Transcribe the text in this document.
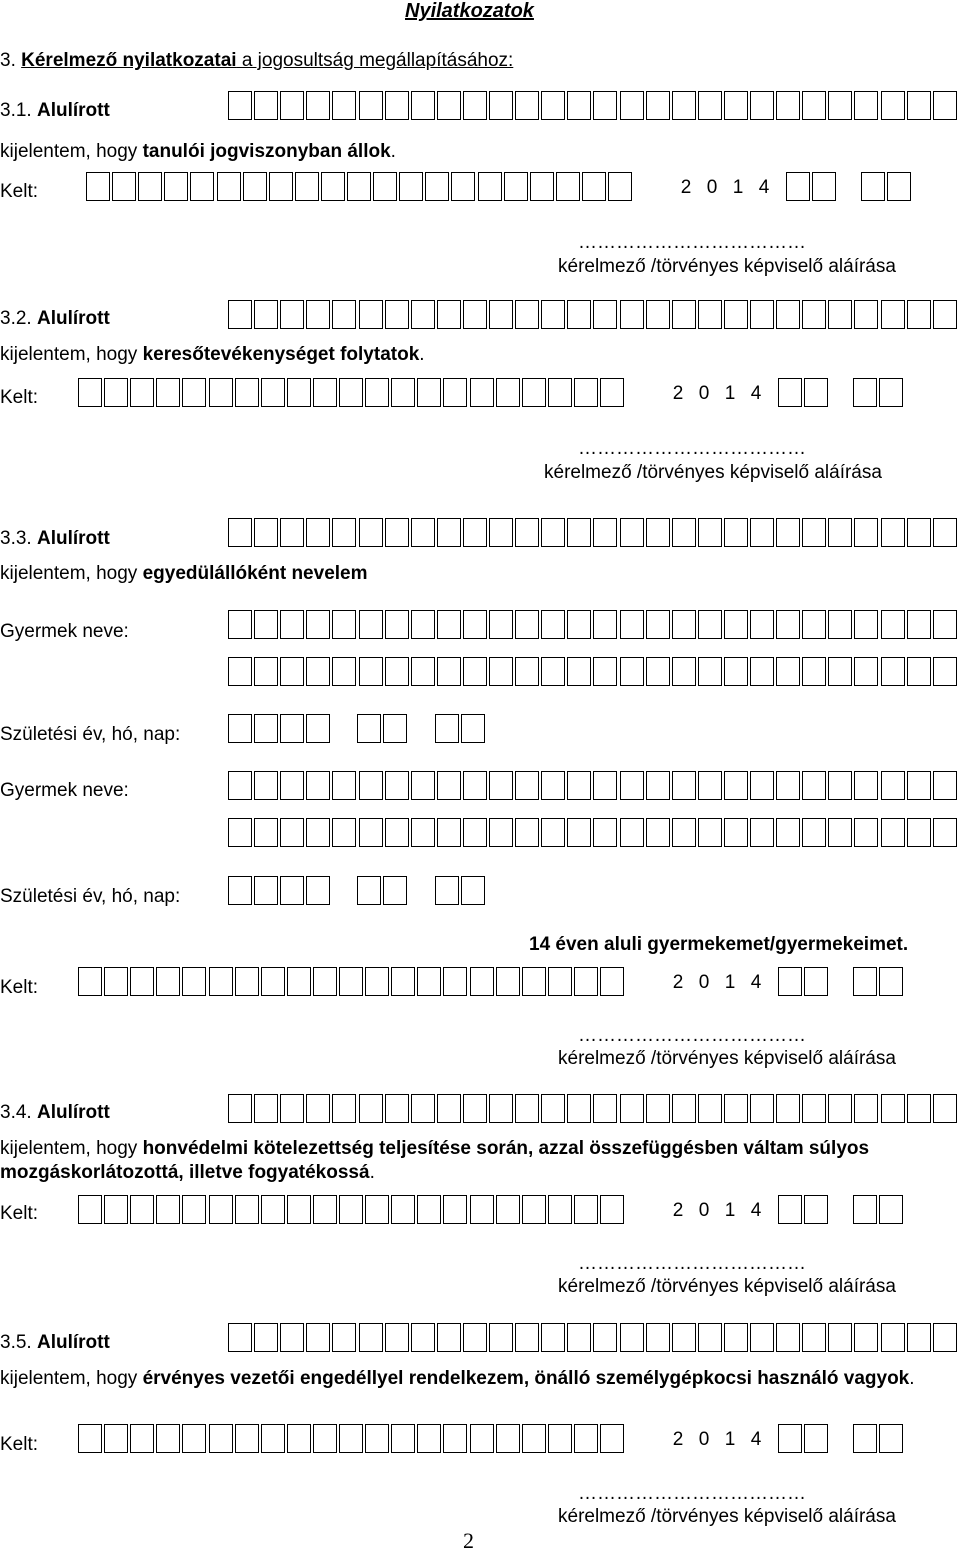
Nyilatkozatok
3. Kérelmező nyilatkozatai a jogosultság megállapításához:
3.1. Alulírott
kijelentem, hogy tanulói jogviszonyban állok.
Kelt:	2 0 1 4
………………………………
kérelmező /törvényes képviselő aláírása
3.2. Alulírott
kijelentem, hogy keresőtevékenységet folytatok.
Kelt:	2 0 1 4
………………………………
kérelmező /törvényes képviselő aláírása
3.3. Alulírott
kijelentem, hogy egyedülállóként nevelem
Gyermek neve:
Születési év, hó, nap:
Gyermek neve:
Születési év, hó, nap:
14 éven aluli gyermekemet/gyermekeimet.
Kelt:	2 0 1 4
………………………………
kérelmező /törvényes képviselő aláírása
3.4. Alulírott
kijelentem, hogy honvédelmi kötelezettség teljesítése során, azzal összefüggésben váltam súlyos mozgáskorlátozottá, illetve fogyatékossá.
Kelt:	2 0 1 4
………………………………
kérelmező /törvényes képviselő aláírása
3.5. Alulírott
kijelentem, hogy érvényes vezetői engedéllyel rendelkezem, önálló személygépkocsi használó vagyok.
Kelt:	2 0 1 4
………………………………
kérelmező /törvényes képviselő aláírása
2
